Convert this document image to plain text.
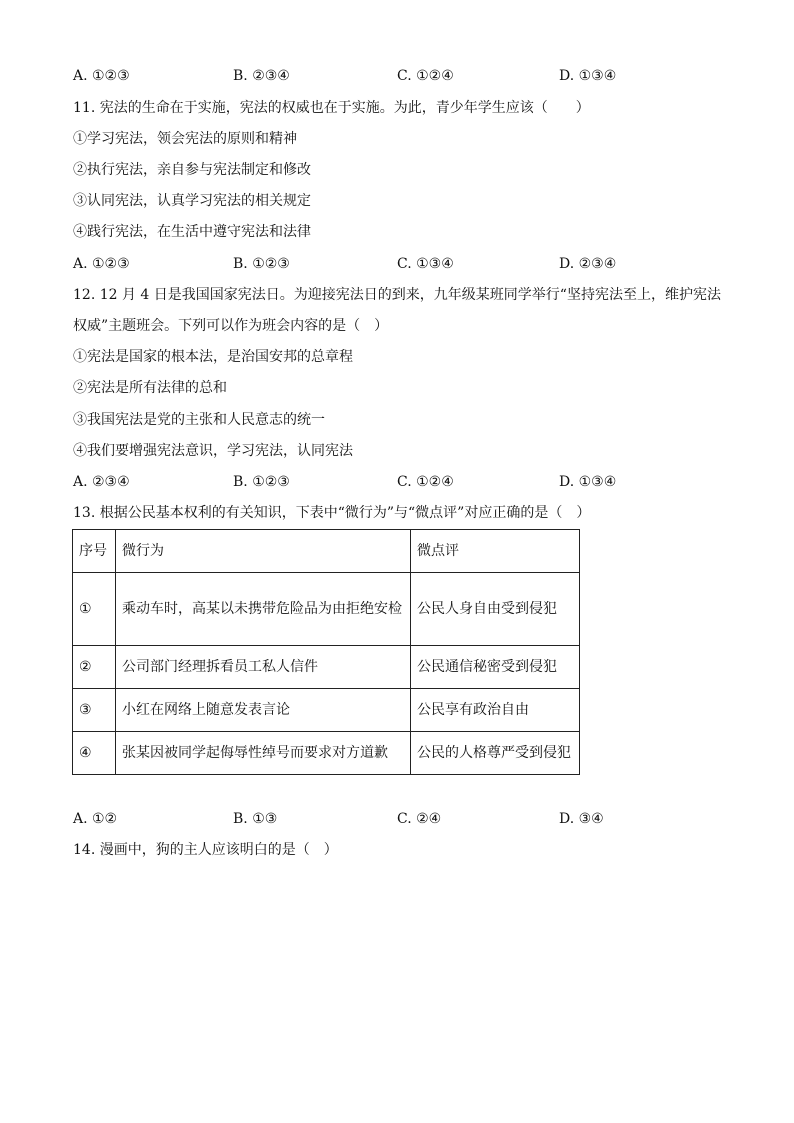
A. ①②③	B. ②③④	C. ①②④	D. ①③④
11. 宪法的生命在于实施，宪法的权威也在于实施。为此，青少年学生应该（　　）
①学习宪法，领会宪法的原则和精神
②执行宪法，亲自参与宪法制定和修改
③认同宪法，认真学习宪法的相关规定
④践行宪法，在生活中遵守宪法和法律
A. ①②③	B. ①②③	C. ①③④	D. ②③④
12. 12 月 4 日是我国国家宪法日。为迎接宪法日的到来，九年级某班同学举行“坚持宪法至上，维护宪法
权威”主题班会。下列可以作为班会内容的是（　）
①宪法是国家的根本法，是治国安邦的总章程
②宪法是所有法律的总和
③我国宪法是党的主张和人民意志的统一
④我们要增强宪法意识，学习宪法，认同宪法
A. ②③④	B. ①②③	C. ①②④	D. ①③④
13. 根据公民基本权利的有关知识，下表中“微行为”与“微点评”对应正确的是（　）
序号	微行为	微点评
①	乘动车时，高某以未携带危险品为由拒绝安检	公民人身自由受到侵犯
②	公司部门经理拆看员工私人信件	公民通信秘密受到侵犯
③	小红在网络上随意发表言论	公民享有政治自由
④	张某因被同学起侮辱性绰号而要求对方道歉	公民的人格尊严受到侵犯
A. ①②	B. ①③	C. ②④	D. ③④
14. 漫画中，狗的主人应该明白的是（　）
